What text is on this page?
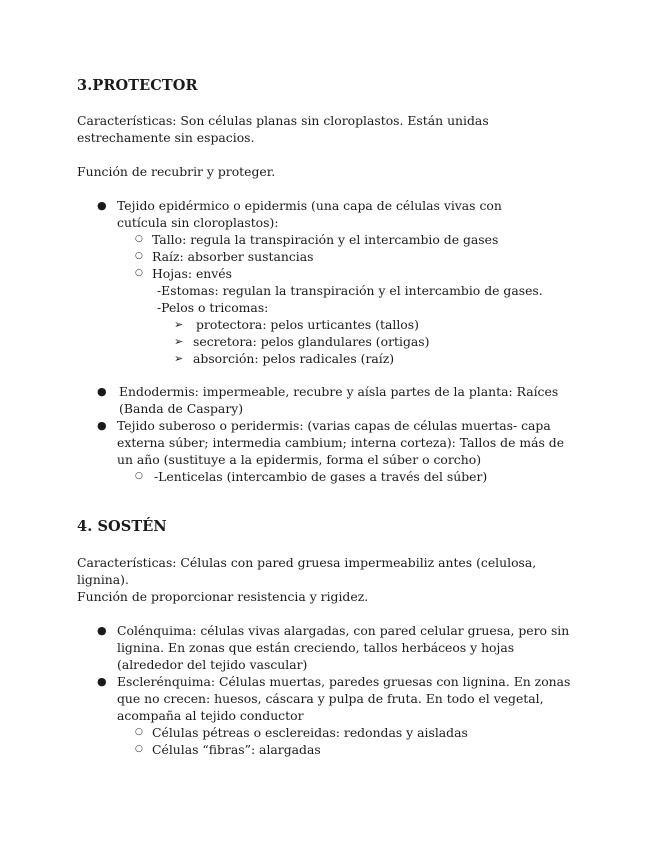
3.PROTECTOR

Características: Son células planas sin cloroplastos. Están unidas estrechamente sin espacios.

Función de recubrir y proteger.

● Tejido epidérmico o epidermis (una capa de células vivas con cutícula sin cloroplastos):
○ Tallo: regula la transpiración y el intercambio de gases
○ Raíz: absorber sustancias
○ Hojas: envés
-Estomas: regulan la transpiración y el intercambio de gases.
-Pelos o tricomas:
➢ protectora: pelos urticantes (tallos)
➢ secretora: pelos glandulares (ortigas)
➢ absorción: pelos radicales (raíz)
● Endodermis: impermeable, recubre y aísla partes de la planta: Raíces (Banda de Caspary)
● Tejido suberoso o peridermis: (varias capas de células muertas- capa externa súber; intermedia cambium; interna corteza): Tallos de más de un año (sustituye a la epidermis, forma el súber o corcho)
○ -Lenticelas (intercambio de gases a través del súber)
4. SOSTÉN

Características: Células con pared gruesa impermeabiliz antes (celulosa, lignina).

Función de proporcionar resistencia y rigidez.

● Colénquima: células vivas alargadas, con pared celular gruesa, pero sin lignina. En zonas que están creciendo, tallos herbáceos y hojas (alrededor del tejido vascular)
● Esclerénquima: Células muertas, paredes gruesas con lignina. En zonas que no crecen: huesos, cáscara y pulpa de fruta. En todo el vegetal, acompaña al tejido conductor
○ Células pétreas o esclereidas: redondas y aisladas
○ Células “fibras”: alargadas
